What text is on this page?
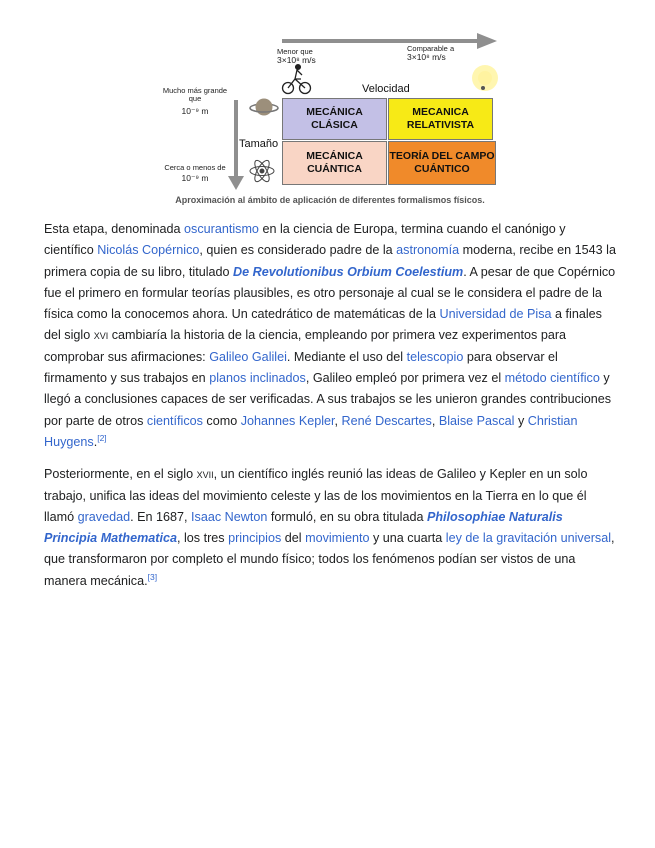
Menor que
3×10⁸ m/s
Comparable a
3×10⁸ m/s
Velocidad
Tamaño
Mucho más grande
que
10⁻⁹ m
Cerca o menos de
10⁻⁹ m
MECÁNICA CLÁSICA
MECANICA RELATIVISTA
MECÁNICA CUÁNTICA
TEORÍA DEL CAMPO CUÁNTICO
Aproximación al ámbito de aplicación de diferentes formalismos físicos.

Esta etapa, denominada oscurantismo en la ciencia de Europa, termina cuando el canónigo y científico Nicolás Copérnico, quien es considerado padre de la astronomía moderna, recibe en 1543 la primera copia de su libro, titulado De Revolutionibus Orbium Coelestium. A pesar de que Copérnico fue el primero en formular teorías plausibles, es otro personaje al cual se le considera el padre de la física como la conocemos ahora. Un catedrático de matemáticas de la Universidad de Pisa a finales del siglo xvi cambiaría la historia de la ciencia, empleando por primera vez experimentos para comprobar sus afirmaciones: Galileo Galilei. Mediante el uso del telescopio para observar el firmamento y sus trabajos en planos inclinados, Galileo empleó por primera vez el método científico y llegó a conclusiones capaces de ser verificadas. A sus trabajos se les unieron grandes contribuciones por parte de otros científicos como Johannes Kepler, René Descartes, Blaise Pascal y Christian Huygens.[2]

Posteriormente, en el siglo xvii, un científico inglés reunió las ideas de Galileo y Kepler en un solo trabajo, unifica las ideas del movimiento celeste y las de los movimientos en la Tierra en lo que él llamó gravedad. En 1687, Isaac Newton formuló, en su obra titulada Philosophiae Naturalis Principia Mathematica, los tres principios del movimiento y una cuarta ley de la gravitación universal, que transformaron por completo el mundo físico; todos los fenómenos podían ser vistos de una manera mecánica.[3]
